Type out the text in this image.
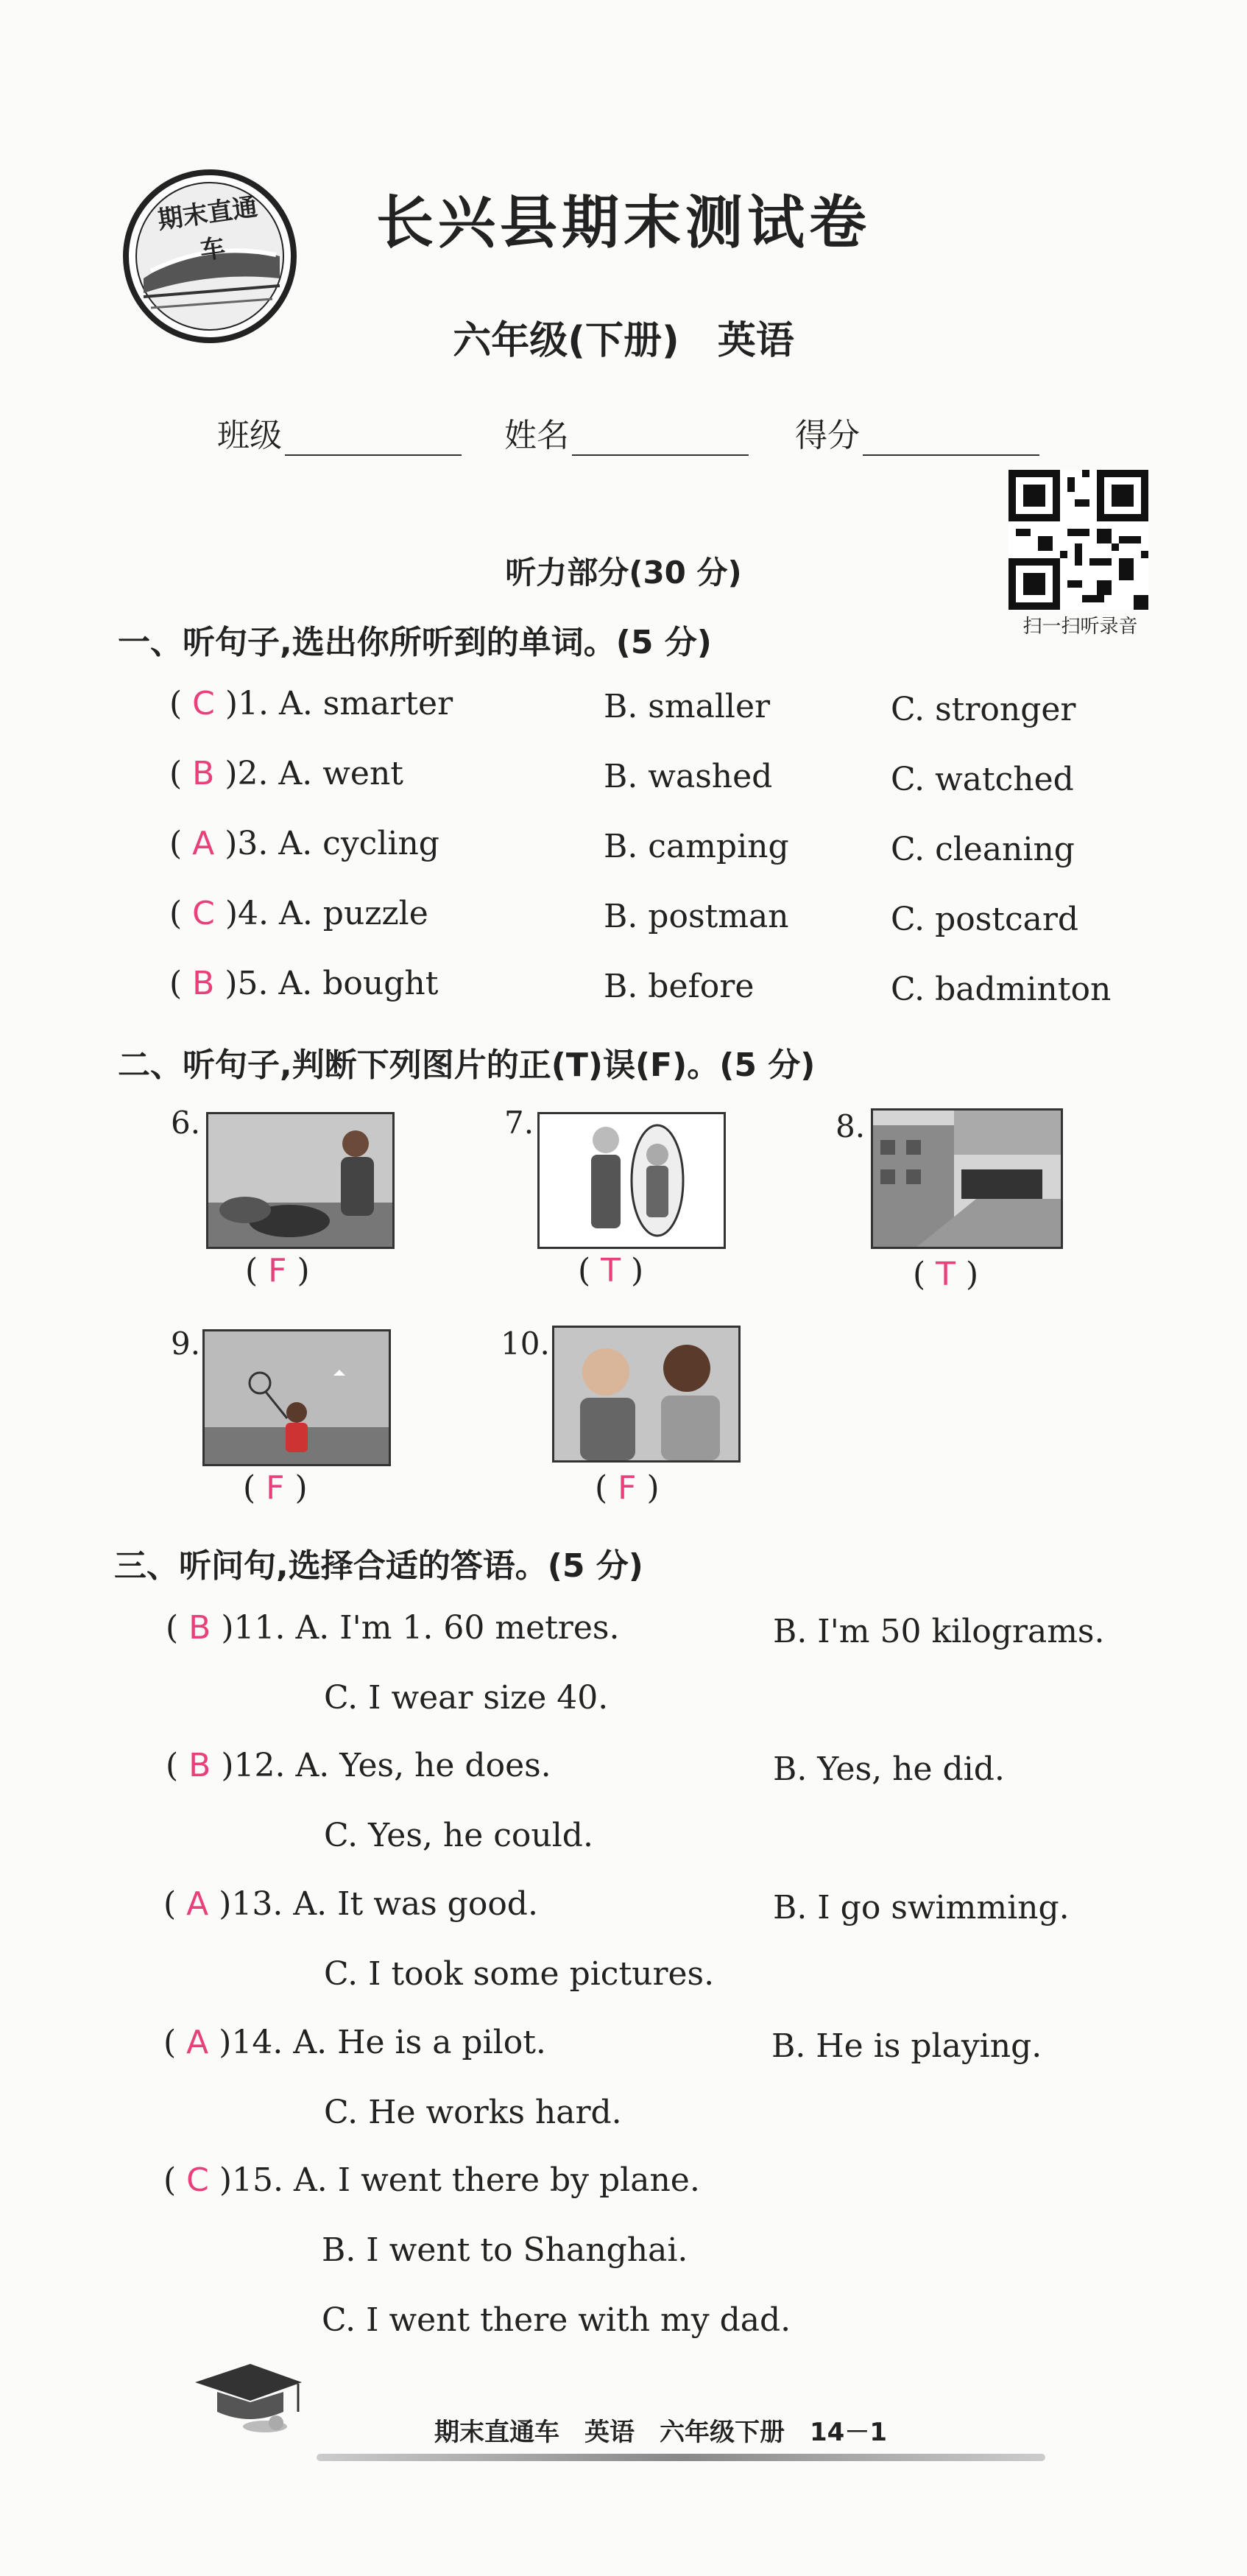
期末直通车	长兴县期末测试卷
六年级(下册)　英语
班级	姓名	得分
扫一扫听录音
听力部分(30 分)
一、听句子,选出你所听到的单词。(5 分)
( C )1. A. smarter	B. smaller	C. stronger
( B )2. A. went	B. washed	C. watched
( A )3. A. cycling	B. camping	C. cleaning
( C )4. A. puzzle	B. postman	C. postcard
( B )5. A. bought	B. before	C. badminton
二、听句子,判断下列图片的正(T)误(F)。(5 分)
6.
( F )
7.
( T )
8.
( T )
9.
( F )
10.
( F )
三、听问句,选择合适的答语。(5 分)
( B )11. A. I'm 1. 60 metres.	B. I'm 50 kilograms.
C. I wear size 40.
( B )12. A. Yes, he does.	B. Yes, he did.
C. Yes, he could.
( A )13. A. It was good.	B. I go swimming.
C. I took some pictures.
( A )14. A. He is a pilot.	B. He is playing.
C. He works hard.
( C )15. A. I went there by plane.
B. I went to Shanghai.
C. I went there with my dad.
期末直通车　英语　六年级下册　14－1
